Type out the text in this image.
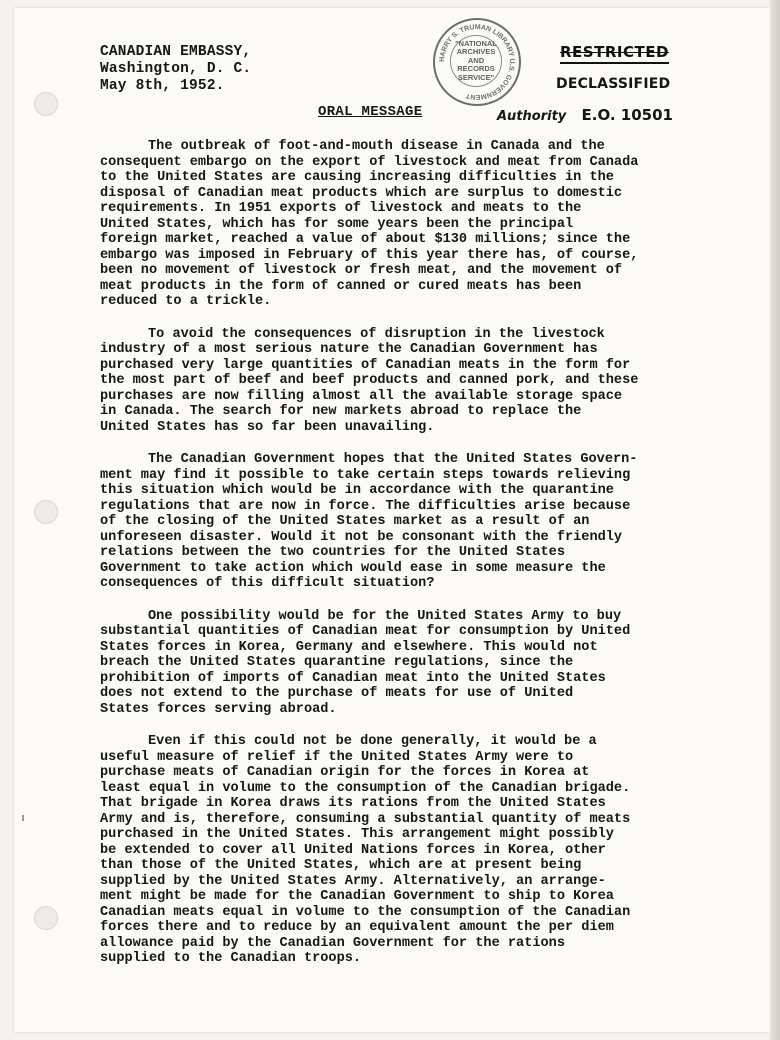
CANADIAN EMBASSY,
Washington, D. C.
May 8th, 1952.
HARRY S. TRUMAN LIBRARY U.S. GOVERNMENT
"NATIONAL ARCHIVES AND RECORDS SERVICE"
RESTRICTED
DECLASSIFIED
Authority E.O. 10501
ORAL MESSAGE

The outbreak of foot-and-mouth disease in Canada and the
consequent embargo on the export of livestock and meat from Canada
to the United States are causing increasing difficulties in the
disposal of Canadian meat products which are surplus to domestic
requirements. In 1951 exports of livestock and meats to the
United States, which has for some years been the principal
foreign market, reached a value of about $130 millions; since the
embargo was imposed in February of this year there has, of course,
been no movement of livestock or fresh meat, and the movement of
meat products in the form of canned or cured meats has been
reduced to a trickle.

To avoid the consequences of disruption in the livestock
industry of a most serious nature the Canadian Government has
purchased very large quantities of Canadian meats in the form for
the most part of beef and beef products and canned pork, and these
purchases are now filling almost all the available storage space
in Canada. The search for new markets abroad to replace the
United States has so far been unavailing.

The Canadian Government hopes that the United States Govern-
ment may find it possible to take certain steps towards relieving
this situation which would be in accordance with the quarantine
regulations that are now in force. The difficulties arise because
of the closing of the United States market as a result of an
unforeseen disaster. Would it not be consonant with the friendly
relations between the two countries for the United States
Government to take action which would ease in some measure the
consequences of this difficult situation?

One possibility would be for the United States Army to buy
substantial quantities of Canadian meat for consumption by United
States forces in Korea, Germany and elsewhere. This would not
breach the United States quarantine regulations, since the
prohibition of imports of Canadian meat into the United States
does not extend to the purchase of meats for use of United
States forces serving abroad.

Even if this could not be done generally, it would be a
useful measure of relief if the United States Army were to
purchase meats of Canadian origin for the forces in Korea at
least equal in volume to the consumption of the Canadian brigade.
That brigade in Korea draws its rations from the United States
Army and is, therefore, consuming a substantial quantity of meats
purchased in the United States. This arrangement might possibly
be extended to cover all United Nations forces in Korea, other
than those of the United States, which are at present being
supplied by the United States Army. Alternatively, an arrange-
ment might be made for the Canadian Government to ship to Korea
Canadian meats equal in volume to the consumption of the Canadian
forces there and to reduce by an equivalent amount the per diem
allowance paid by the Canadian Government for the rations
supplied to the Canadian troops.
